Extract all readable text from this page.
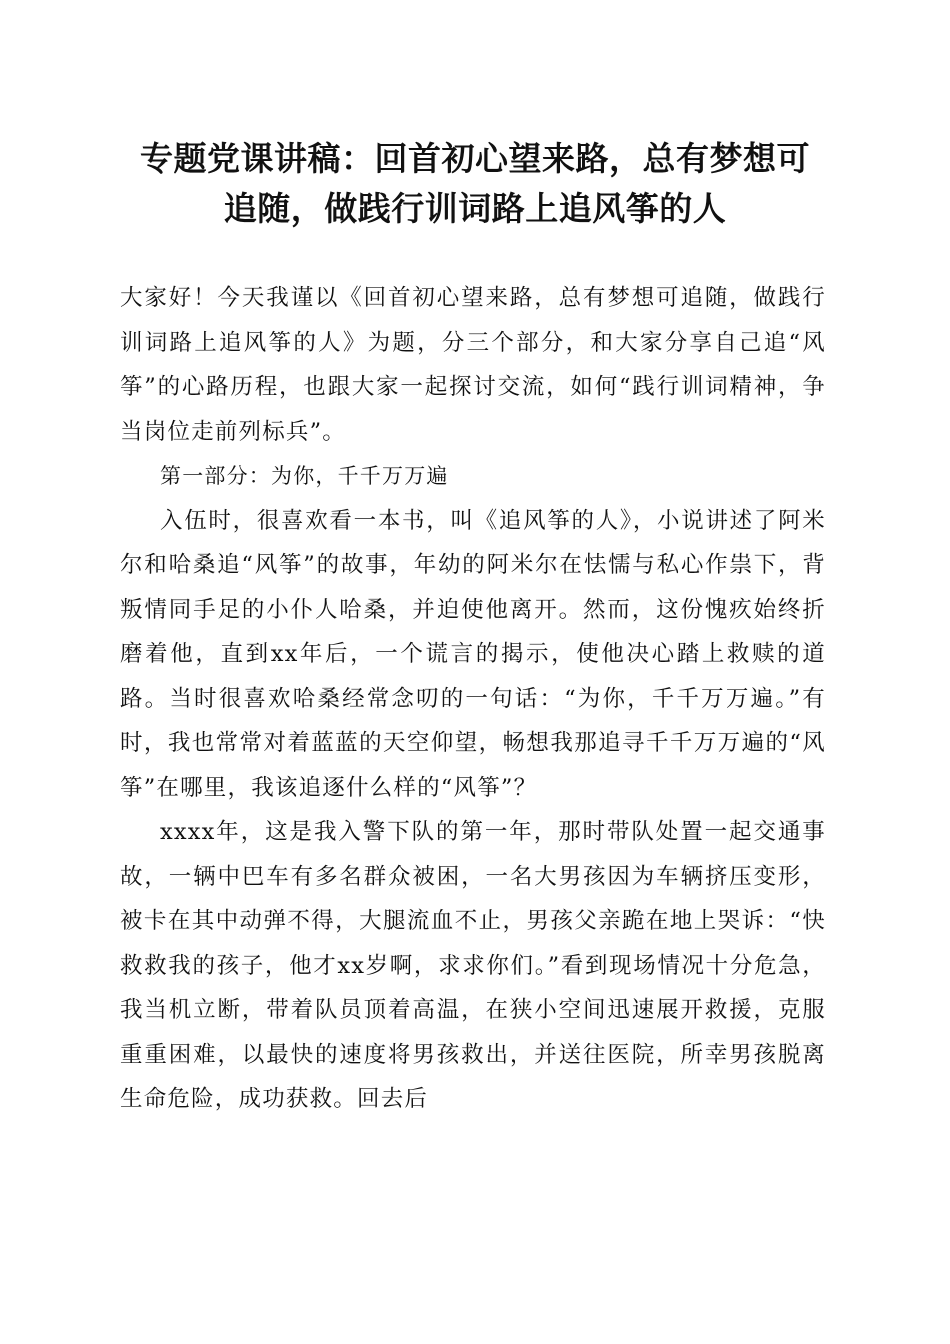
专题党课讲稿：回首初心望来路，总有梦想可
追随，做践行训词路上追风筝的人

大家好！今天我谨以《回首初心望来路，总有梦想可追随，做践行训词路上追风筝的人》为题，分三个部分，和大家分享自己追“风筝”的心路历程，也跟大家一起探讨交流，如何“践行训词精神，争当岗位走前列标兵”。

第一部分：为你，千千万万遍

入伍时，很喜欢看一本书，叫《追风筝的人》，小说讲述了阿米尔和哈桑追“风筝”的故事，年幼的阿米尔在怯懦与私心作祟下，背叛情同手足的小仆人哈桑，并迫使他离开。然而，这份愧疚始终折磨着他，直到xx年后，一个谎言的揭示，使他决心踏上救赎的道路。当时很喜欢哈桑经常念叨的一句话：“为你，千千万万遍。”有时，我也常常对着蓝蓝的天空仰望，畅想我那追寻千千万万遍的“风筝”在哪里，我该追逐什么样的“风筝”？

xxxx年，这是我入警下队的第一年，那时带队处置一起交通事故，一辆中巴车有多名群众被困，一名大男孩因为车辆挤压变形，被卡在其中动弹不得，大腿流血不止，男孩父亲跪在地上哭诉：“快救救我的孩子，他才xx岁啊，求求你们。”看到现场情况十分危急，我当机立断，带着队员顶着高温，在狭小空间迅速展开救援，克服重重困难，以最快的速度将男孩救出，并送往医院，所幸男孩脱离生命危险，成功获救。回去后
